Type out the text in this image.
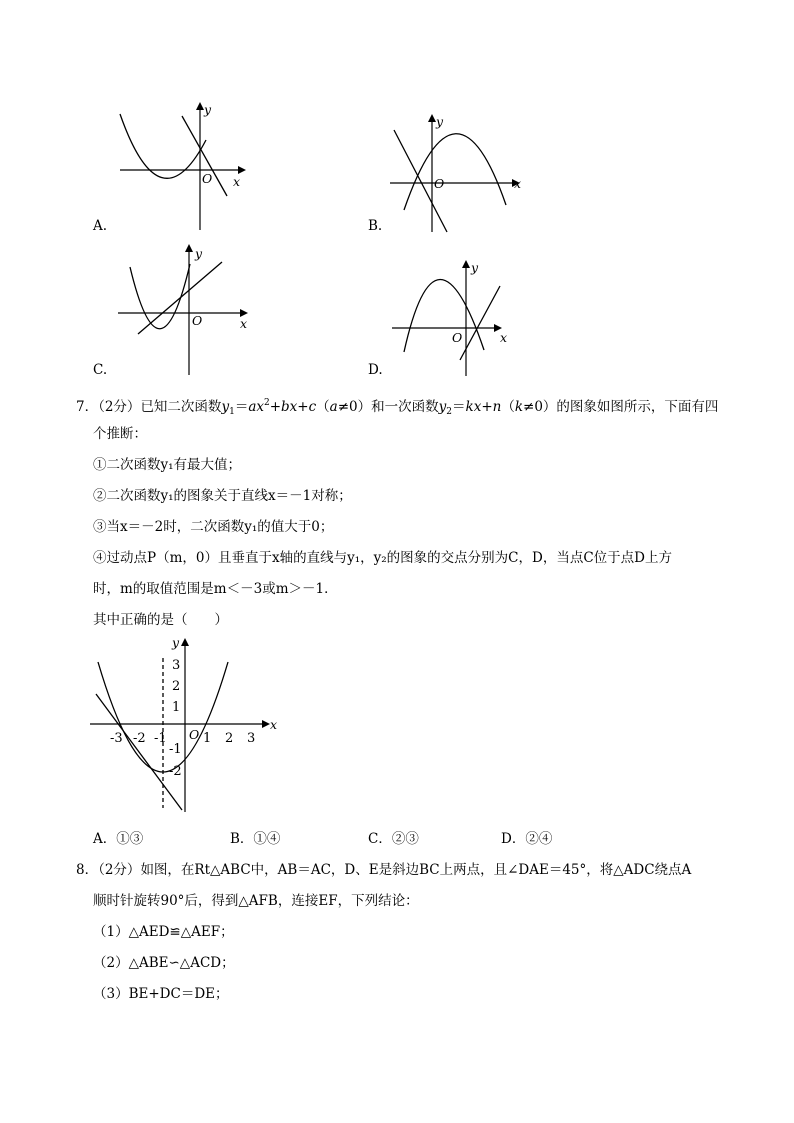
y
x
O
A.
y
x
O
B.
y
x
O
C.
y
x
O
D.
7．（2分）已知二次函数$y_1=ax^2+bx+c(a\ne 0)$和一次函数$y_2=kx+n(k\ne 0)$的图象如图所示，下面有四
个推断：
①二次函数y₁有最大值；
②二次函数y₁的图象关于直线x＝－1对称；
③当x＝－2时，二次函数y₁的值大于0；
④过动点P（m，0）且垂直于x轴的直线与y₁，y₂的图象的交点分别为C，D，当点C位于点D上方
时，m的取值范围是m＜－3或m＞－1．
其中正确的是（　　）
y
x
O
-3 -2 -1	1 2 3
3
2
1
-1
-2
A．①③	B．①④	C．②③	D．②④
8．（2分）如图，在Rt△ABC中，AB＝AC，D、E是斜边BC上两点，且∠DAE＝45°，将△ADC绕点A
顺时针旋转90°后，得到△AFB，连接EF，下列结论：
（1）△AED≌△AEF；
（2）△ABE∽△ACD；
（3）BE+DC＝DE；
